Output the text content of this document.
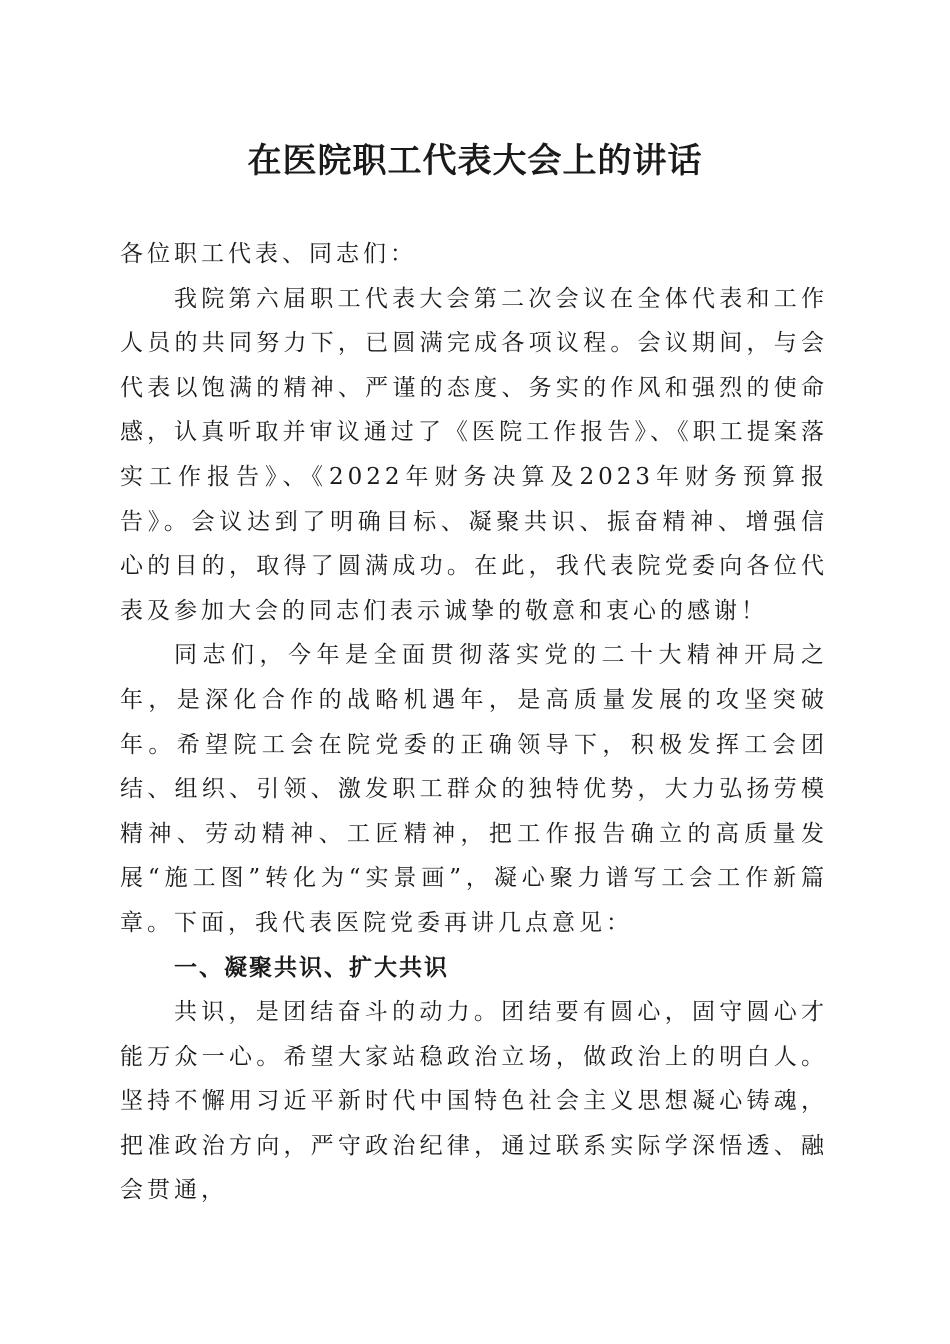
在医院职工代表大会上的讲话

各位职工代表、同志们：

我院第六届职工代表大会第二次会议在全体代表和工作人员的共同努力下，已圆满完成各项议程。会议期间，与会代表以饱满的精神、严谨的态度、务实的作风和强烈的使命感，认真听取并审议通过了《医院工作报告》、《职工提案落实工作报告》、《2022年财务决算及2023年财务预算报告》。会议达到了明确目标、凝聚共识、振奋精神、增强信心的目的，取得了圆满成功。在此，我代表院党委向各位代表及参加大会的同志们表示诚挚的敬意和衷心的感谢！

同志们，今年是全面贯彻落实党的二十大精神开局之年，是深化合作的战略机遇年，是高质量发展的攻坚突破年。希望院工会在院党委的正确领导下，积极发挥工会团结、组织、引领、激发职工群众的独特优势，大力弘扬劳模精神、劳动精神、工匠精神，把工作报告确立的高质量发展“施工图”转化为“实景画”，凝心聚力谱写工会工作新篇章。下面，我代表医院党委再讲几点意见：

一、凝聚共识、扩大共识

共识，是团结奋斗的动力。团结要有圆心，固守圆心才能万众一心。希望大家站稳政治立场，做政治上的明白人。坚持不懈用习近平新时代中国特色社会主义思想凝心铸魂，把准政治方向，严守政治纪律，通过联系实际学深悟透、融会贯通，
